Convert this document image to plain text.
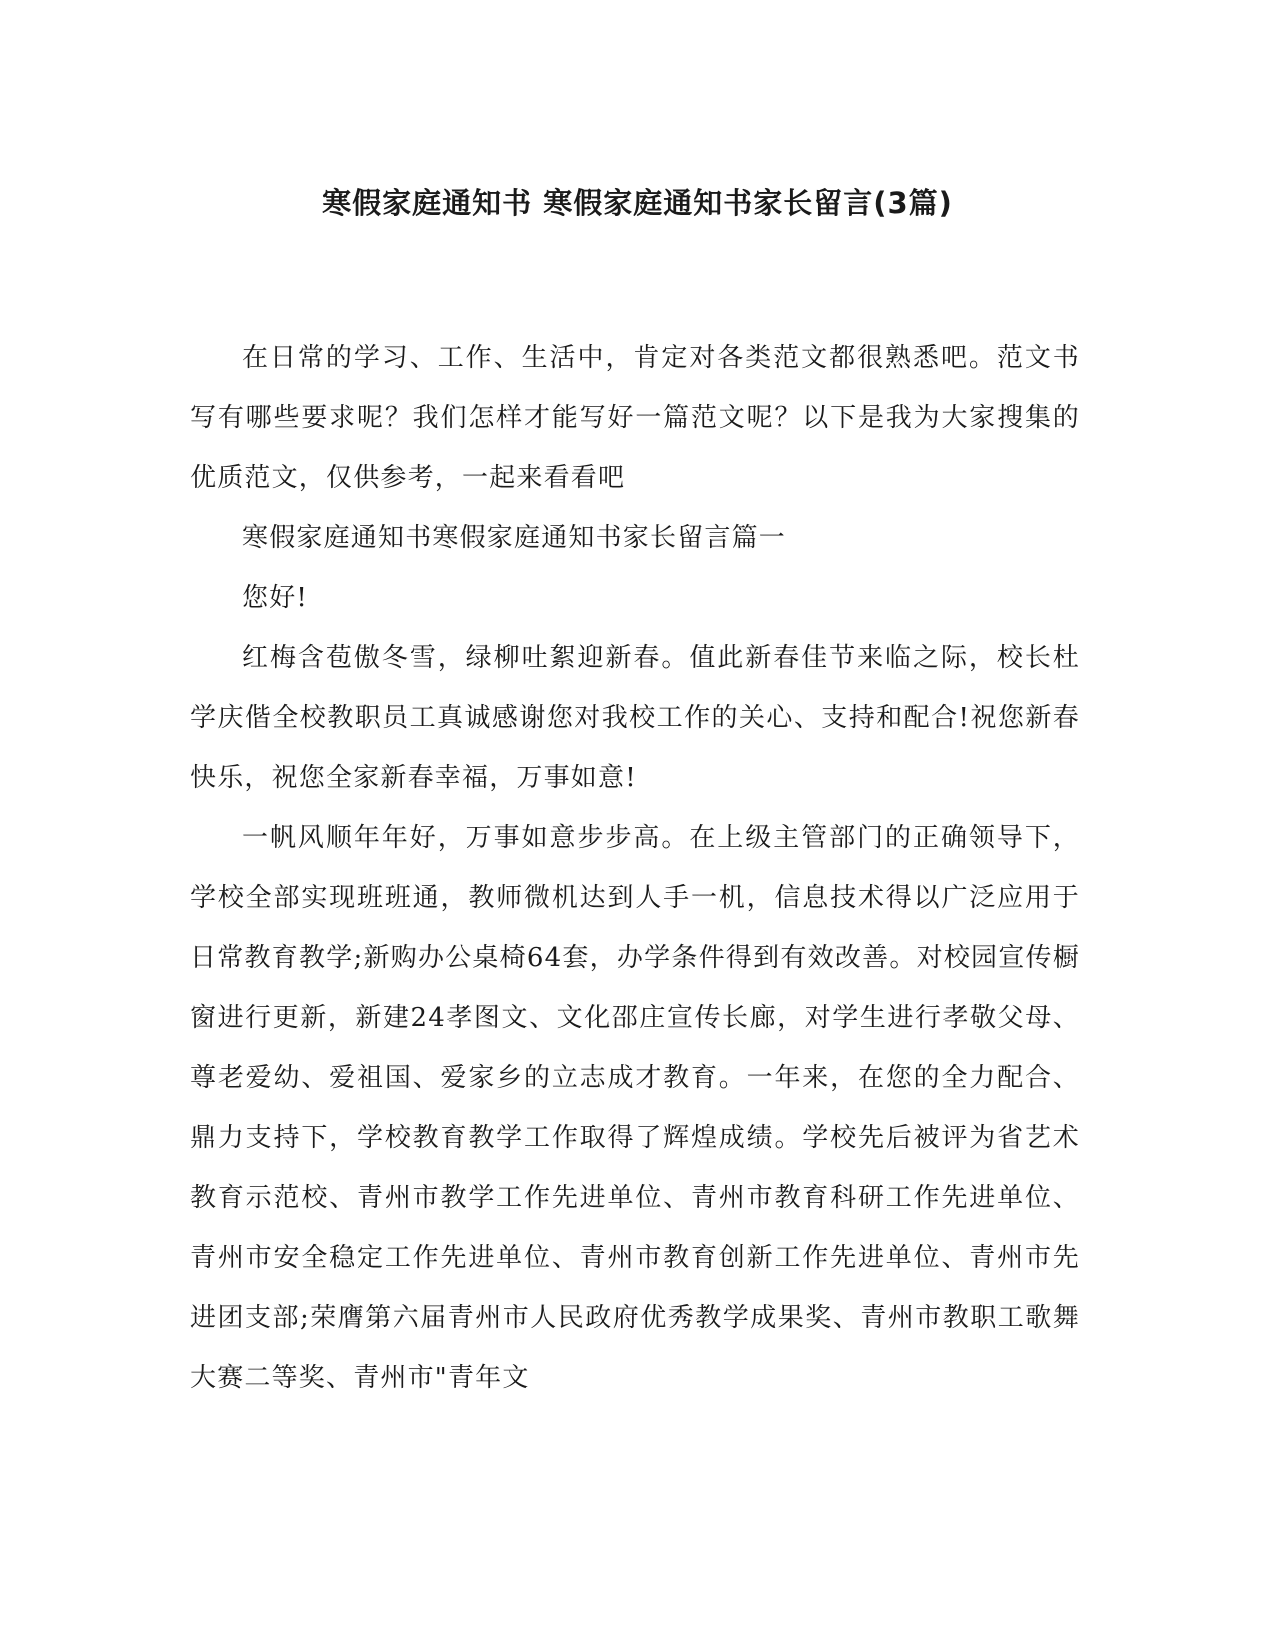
寒假家庭通知书 寒假家庭通知书家长留言(3篇)

在日常的学习、工作、生活中，肯定对各类范文都很熟悉吧。范文书写有哪些要求呢？我们怎样才能写好一篇范文呢？以下是我为大家搜集的优质范文，仅供参考，一起来看看吧

寒假家庭通知书寒假家庭通知书家长留言篇一

您好!

红梅含苞傲冬雪，绿柳吐絮迎新春。值此新春佳节来临之际，校长杜学庆偕全校教职员工真诚感谢您对我校工作的关心、支持和配合!祝您新春快乐，祝您全家新春幸福，万事如意!

一帆风顺年年好，万事如意步步高。在上级主管部门的正确领导下，学校全部实现班班通，教师微机达到人手一机，信息技术得以广泛应用于日常教育教学;新购办公桌椅64套，办学条件得到有效改善。对校园宣传橱窗进行更新，新建24孝图文、文化邵庄宣传长廊，对学生进行孝敬父母、尊老爱幼、爱祖国、爱家乡的立志成才教育。一年来，在您的全力配合、鼎力支持下，学校教育教学工作取得了辉煌成绩。学校先后被评为省艺术教育示范校、青州市教学工作先进单位、青州市教育科研工作先进单位、青州市安全稳定工作先进单位、青州市教育创新工作先进单位、青州市先进团支部;荣膺第六届青州市人民政府优秀教学成果奖、青州市教职工歌舞大赛二等奖、青州市"青年文
